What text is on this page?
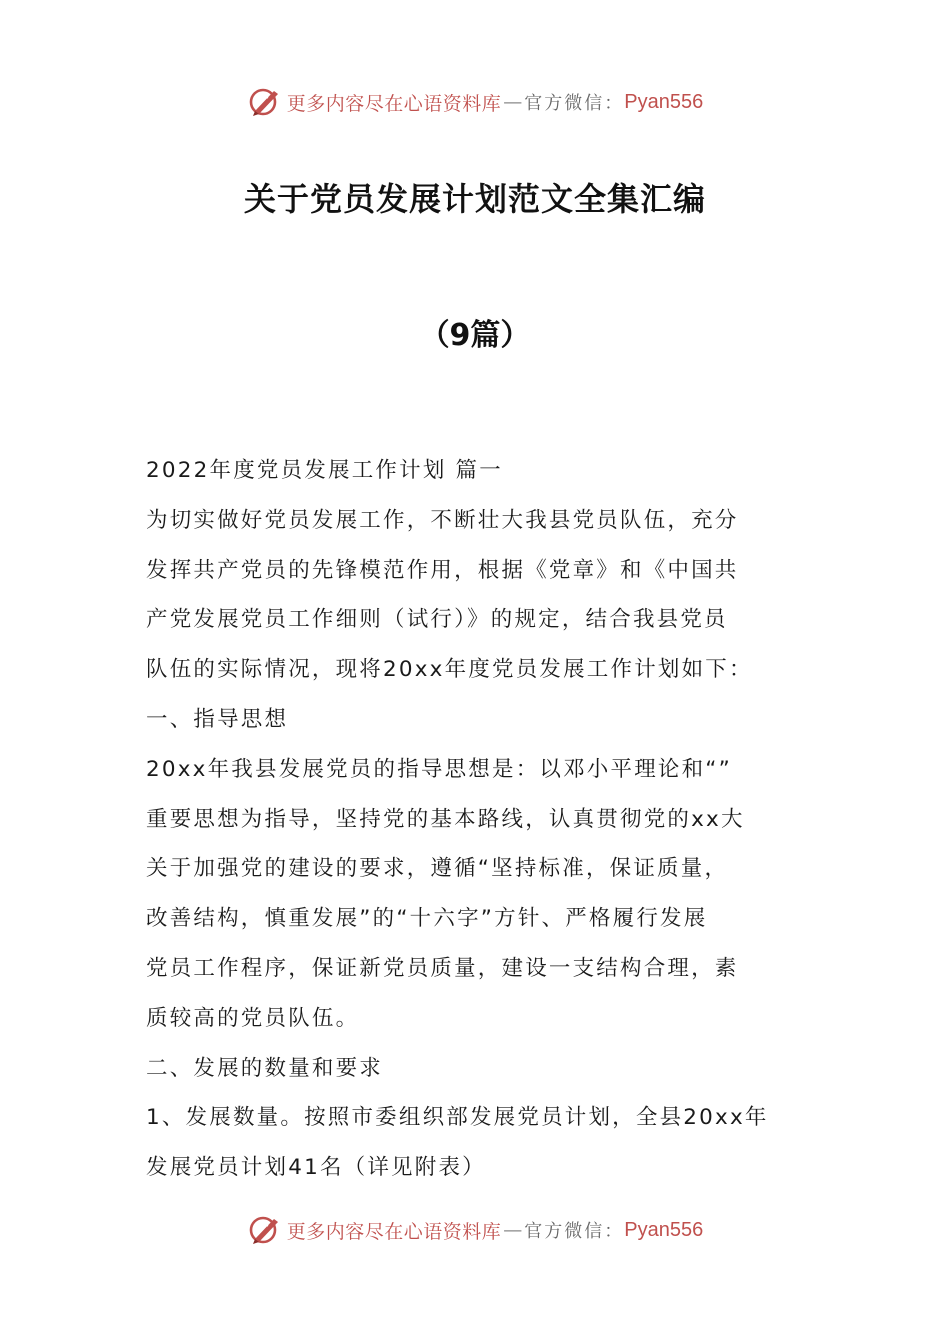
更多内容尽在心语资料库 — 官方微信： Pyan556
关于党员发展计划范文全集汇编
（9篇）
2022年度党员发展工作计划 篇一
为切实做好党员发展工作，不断壮大我县党员队伍，充分
发挥共产党员的先锋模范作用，根据《党章》和《中国共
产党发展党员工作细则（试行）》的规定，结合我县党员
队伍的实际情况，现将20xx年度党员发展工作计划如下：
一、指导思想
20xx年我县发展党员的指导思想是：以邓小平理论和“”
重要思想为指导，坚持党的基本路线，认真贯彻党的xx大
关于加强党的建设的要求，遵循“坚持标准，保证质量，
改善结构，慎重发展”的“十六字”方针、严格履行发展
党员工作程序，保证新党员质量，建设一支结构合理，素
质较高的党员队伍。
二、发展的数量和要求
1、发展数量。按照市委组织部发展党员计划，全县20xx年
发展党员计划41名（详见附表）
更多内容尽在心语资料库 — 官方微信： Pyan556
